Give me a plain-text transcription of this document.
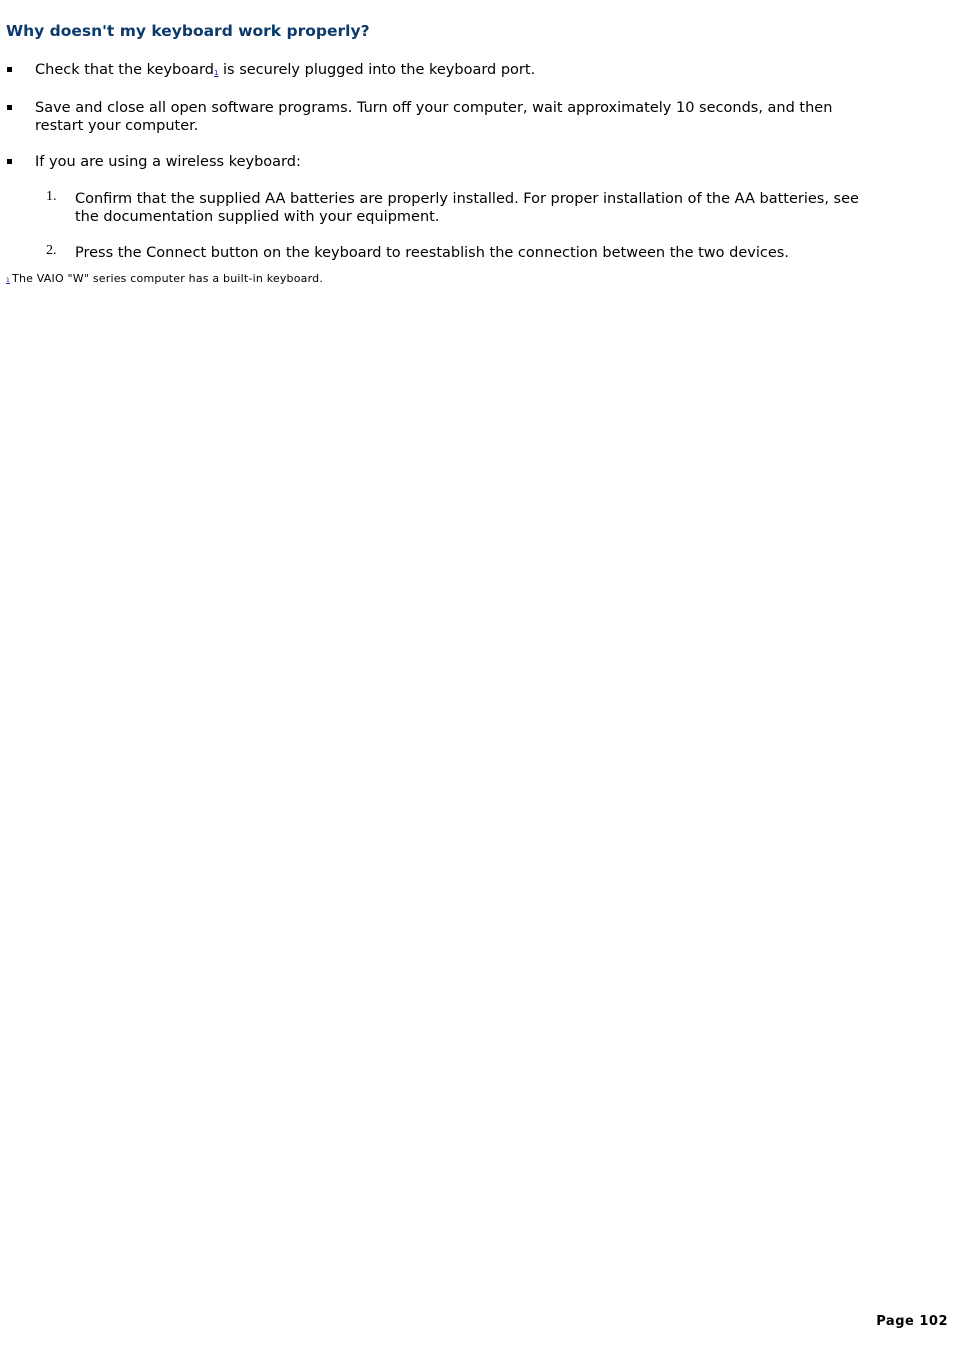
Why doesn't my keyboard work properly?
Check that the keyboard1 is securely plugged into the keyboard port.
Save and close all open software programs. Turn off your computer, wait approximately 10 seconds, and then restart your computer.
If you are using a wireless keyboard:
1. Confirm that the supplied AA batteries are properly installed. For proper installation of the AA batteries, see the documentation supplied with your equipment.
2. Press the Connect button on the keyboard to reestablish the connection between the two devices.
1 The VAIO "W" series computer has a built-in keyboard.
Page 102
